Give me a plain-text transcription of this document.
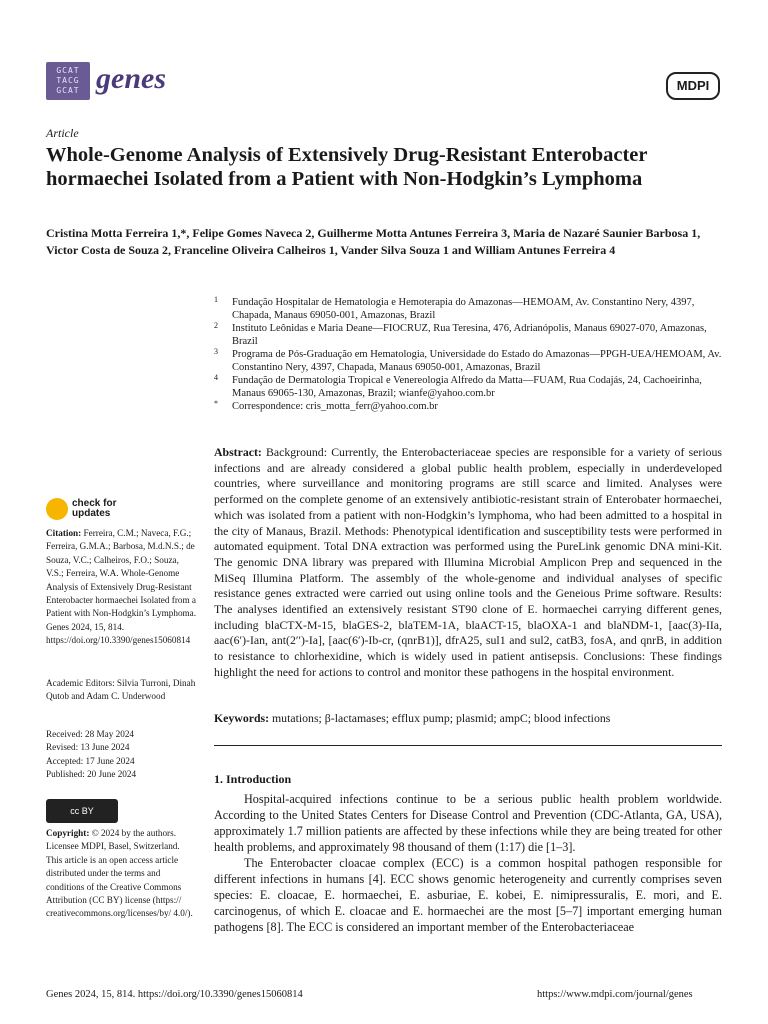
GCAT TACG GCAT genes	MDPI
Article
Whole-Genome Analysis of Extensively Drug-Resistant Enterobacter hormaechei Isolated from a Patient with Non-Hodgkin’s Lymphoma
Cristina Motta Ferreira 1,*, Felipe Gomes Naveca 2, Guilherme Motta Antunes Ferreira 3, Maria de Nazaré Saunier Barbosa 1, Victor Costa de Souza 2, Franceline Oliveira Calheiros 1, Vander Silva Souza 1 and William Antunes Ferreira 4
1 Fundação Hospitalar de Hematologia e Hemoterapia do Amazonas—HEMOAM, Av. Constantino Nery, 4397, Chapada, Manaus 69050-001, Amazonas, Brazil
2 Instituto Leônidas e Maria Deane—FIOCRUZ, Rua Teresina, 476, Adrianópolis, Manaus 69027-070, Amazonas, Brazil
3 Programa de Pós-Graduação em Hematologia, Universidade do Estado do Amazonas—PPGH-UEA/HEMOAM, Av. Constantino Nery, 4397, Chapada, Manaus 69050-001, Amazonas, Brazil
4 Fundação de Dermatologia Tropical e Venereologia Alfredo da Matta—FUAM, Rua Codajás, 24, Cachoeirinha, Manaus 69065-130, Amazonas, Brazil; wianfe@yahoo.com.br
* Correspondence: cris_motta_ferr@yahoo.com.br
Abstract: Background: Currently, the Enterobacteriaceae species are responsible for a variety of serious infections and are already considered a global public health problem, especially in underdeveloped countries, where surveillance and monitoring programs are still scarce and limited. Analyses were performed on the complete genome of an extensively antibiotic-resistant strain of Enterobater hormaechei, which was isolated from a patient with non-Hodgkin’s lymphoma, who had been admitted to a hospital in the city of Manaus, Brazil. Methods: Phenotypical identification and susceptibility tests were performed in automated equipment. Total DNA extraction was performed using the PureLink genomic DNA mini-Kit. The genomic DNA library was prepared with Illumina Microbial Amplicon Prep and sequenced in the MiSeq Illumina Platform. The assembly of the whole-genome and individual analyses of specific resistance genes extracted were carried out using online tools and the Geneious Prime software. Results: The analyses identified an extensively resistant ST90 clone of E. hormaechei carrying different genes, including blaCTX-M-15, blaGES-2, blaTEM-1A, blaACT-15, blaOXA-1 and blaNDM-1, [aac(3)-IIa, aac(6′)-Ian, ant(2′′)-Ia], [aac(6′)-Ib-cr, (qnrB1)], dfrA25, sul1 and sul2, catB3, fosA, and qnrB, in addition to resistance to chlorhexidine, which is widely used in patient antisepsis. Conclusions: These findings highlight the need for actions to control and monitor these pathogens in the hospital environment.
Keywords: mutations; β-lactamases; efflux pump; plasmid; ampC; blood infections
check for
updates
Citation: Ferreira, C.M.; Naveca, F.G.; Ferreira, G.M.A.; Barbosa, M.d.N.S.; de Souza, V.C.; Calheiros, F.O.; Souza, V.S.; Ferreira, W.A. Whole-Genome Analysis of Extensively Drug-Resistant Enterobacter hormaechei Isolated from a Patient with Non-Hodgkin’s Lymphoma. Genes 2024, 15, 814. https://doi.org/10.3390/genes15060814
Academic Editors: Silvia Turroni, Dinah Qutob and Adam C. Underwood
Received: 28 May 2024
Revised: 13 June 2024
Accepted: 17 June 2024
Published: 20 June 2024
cc BY
Copyright: © 2024 by the authors. Licensee MDPI, Basel, Switzerland. This article is an open access article distributed under the terms and conditions of the Creative Commons Attribution (CC BY) license (https:// creativecommons.org/licenses/by/ 4.0/).
1. Introduction

Hospital-acquired infections continue to be a serious public health problem worldwide. According to the United States Centers for Disease Control and Prevention (CDC-Atlanta, GA, USA), approximately 1.7 million patients are affected by these infections while they are being treated for other health problems, and approximately 98 thousand of them (1:17) die [1–3].

The Enterobacter cloacae complex (ECC) is a common hospital pathogen responsible for different infections in humans [4]. ECC shows genomic heterogeneity and currently comprises seven species: E. cloacae, E. hormaechei, E. asburiae, E. kobei, E. nimipressuralis, E. mori, and E. carcinogenus, of which E. cloacae and E. hormaechei are the most [5–7] important emerging human pathogens [8]. The ECC is considered an important member of the Enterobacteriaceae

Genes 2024, 15, 814. https://doi.org/10.3390/genes15060814	https://www.mdpi.com/journal/genes
